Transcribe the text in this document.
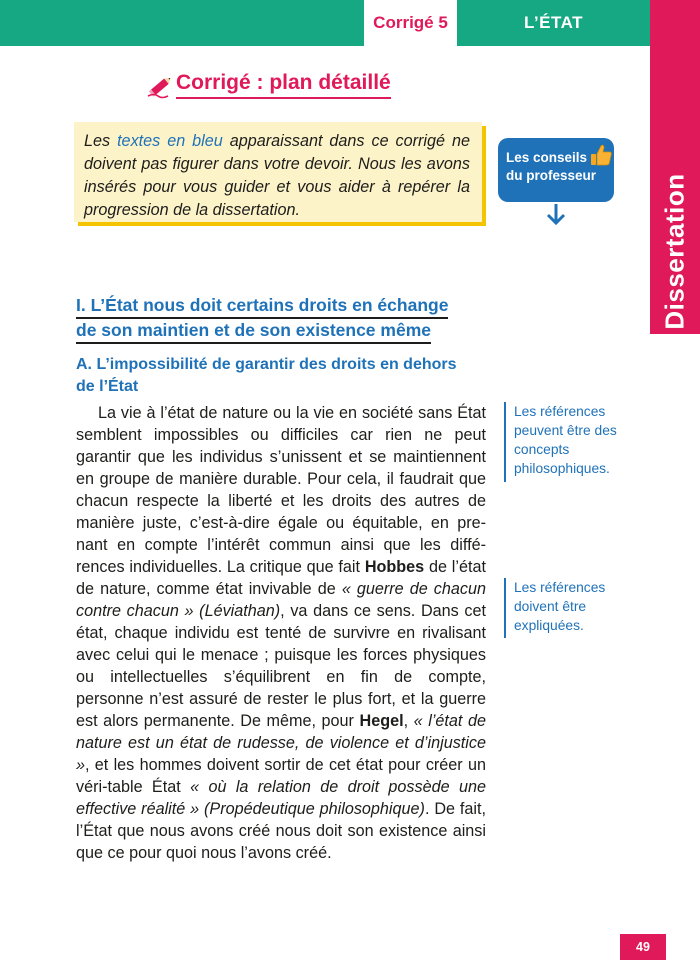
Corrigé 5	L’ÉTAT
Dissertation
Corrigé : plan détaillé
Les textes en bleu apparaissant dans ce corrigé ne doivent pas figurer dans votre devoir. Nous les avons insérés pour vous guider et vous aider à repérer la progression de la dissertation.
Les conseils
du professeur
I. L’État nous doit certains droits en échange
de son maintien et de son existence même
A. L’impossibilité de garantir des droits en dehors de l’État
La vie à l’état de nature ou la vie en société sans État semblent impossibles ou difficiles car rien ne peut garantir que les individus s’unissent et se maintiennent en groupe de manière durable. Pour cela, il faudrait que chacun respecte la liberté et les droits des autres de manière juste, c’est-à-dire égale ou équitable, en pre-nant en compte l’intérêt commun ainsi que les diffé-rences individuelles. La critique que fait Hobbes de l’état de nature, comme état invivable de « guerre de chacun contre chacun » (Léviathan), va dans ce sens. Dans cet état, chaque individu est tenté de survivre en rivalisant avec celui qui le menace ; puisque les forces physiques ou intellectuelles s’équilibrent en fin de compte, personne n’est assuré de rester le plus fort, et la guerre est alors permanente. De même, pour Hegel, « l’état de nature est un état de rudesse, de violence et d’injustice », et les hommes doivent sortir de cet état pour créer un véri-table État « où la relation de droit possède une effective réalité » (Propédeutique philosophique). De fait, l’État que nous avons créé nous doit son existence ainsi que ce pour quoi nous l’avons créé.
Les références peuvent être des concepts philosophiques.
Les références doivent être expliquées.
49
